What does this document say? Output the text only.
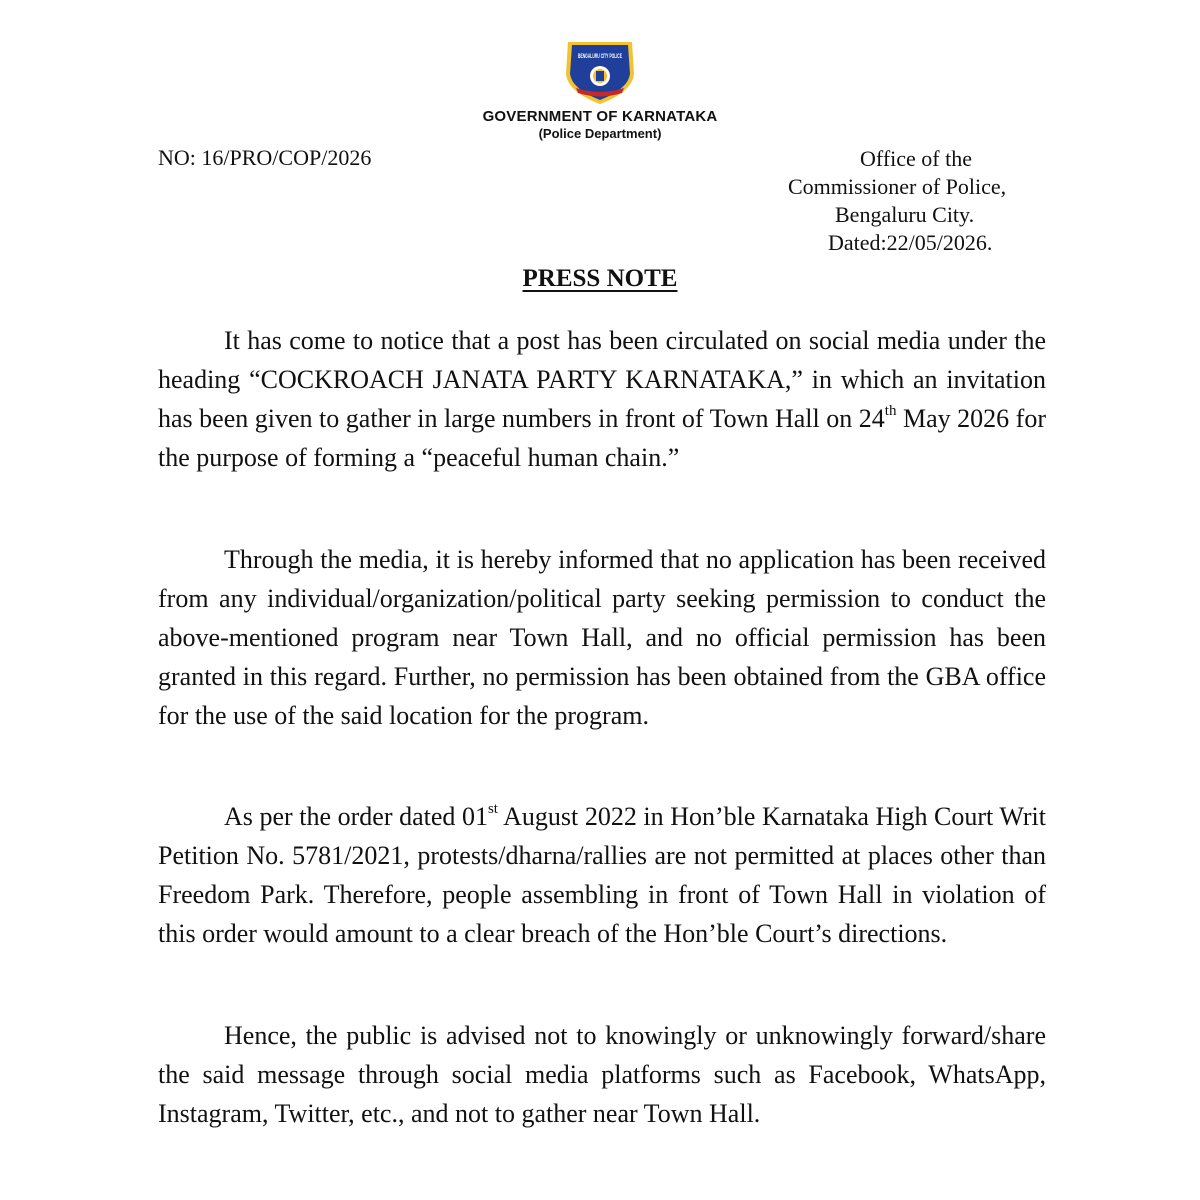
BENGALURU CITY POLICE
GOVERNMENT OF KARNATAKA
(Police Department)
NO: 16/PRO/COP/2026	Office of the
Commissioner of Police,
Bengaluru City.
Dated:22/05/2026.
PRESS NOTE

It has come to notice that a post has been circulated on social media under the heading “COCKROACH JANATA PARTY KARNATAKA,” in which an invitation has been given to gather in large numbers in front of Town Hall on 24th May 2026 for the purpose of forming a “peaceful human chain.”

Through the media, it is hereby informed that no application has been received from any individual/organization/political party seeking permission to conduct the above-mentioned program near Town Hall, and no official permission has been granted in this regard. Further, no permission has been obtained from the GBA office for the use of the said location for the program.

As per the order dated 01st August 2022 in Hon’ble Karnataka High Court Writ Petition No. 5781/2021, protests/dharna/rallies are not permitted at places other than Freedom Park. Therefore, people assembling in front of Town Hall in violation of this order would amount to a clear breach of the Hon’ble Court’s directions.

Hence, the public is advised not to knowingly or unknowingly forward/share the said message through social media platforms such as Facebook, WhatsApp, Instagram, Twitter, etc., and not to gather near Town Hall.
